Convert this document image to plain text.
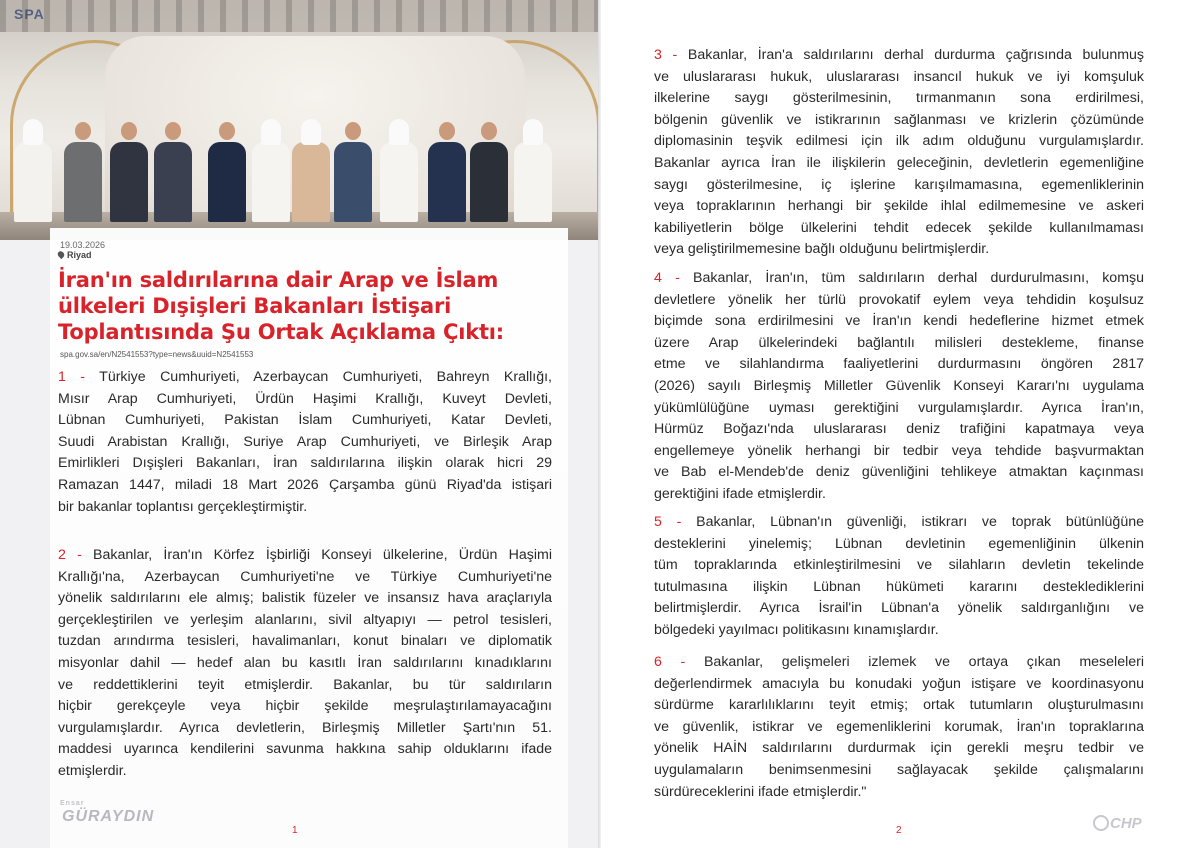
SPA
19.03.2026
Riyad
İran'ın saldırılarına dair Arap ve İslam
ülkeleri Dışişleri Bakanları İstişari
Toplantısında Şu Ortak Açıklama Çıktı:
spa.gov.sa/en/N2541553?type=news&uuid=N2541553
1 - Türkiye Cumhuriyeti, Azerbaycan Cumhuriyeti, Bahreyn Krallığı,
Mısır Arap Cumhuriyeti, Ürdün Haşimi Krallığı, Kuveyt Devleti,
Lübnan Cumhuriyeti, Pakistan İslam Cumhuriyeti, Katar Devleti,
Suudi Arabistan Krallığı, Suriye Arap Cumhuriyeti, ve Birleşik Arap
Emirlikleri Dışişleri Bakanları, İran saldırılarına ilişkin olarak hicri 29
Ramazan 1447, miladi 18 Mart 2026 Çarşamba günü Riyad'da istişari
bir bakanlar toplantısı gerçekleştirmiştir.
2 - Bakanlar, İran'ın Körfez İşbirliği Konseyi ülkelerine, Ürdün Haşimi
Krallığı'na, Azerbaycan Cumhuriyeti'ne ve Türkiye Cumhuriyeti'ne
yönelik saldırılarını ele almış; balistik füzeler ve insansız hava araçlarıyla
gerçekleştirilen ve yerleşim alanlarını, sivil altyapıyı — petrol tesisleri,
tuzdan arındırma tesisleri, havalimanları, konut binaları ve diplomatik
misyonlar dahil — hedef alan bu kasıtlı İran saldırılarını kınadıklarını
ve reddettiklerini teyit etmişlerdir. Bakanlar, bu tür saldırıların
hiçbir gerekçeyle veya hiçbir şekilde meşrulaştırılamayacağını
vurgulamışlardır. Ayrıca devletlerin, Birleşmiş Milletler Şartı'nın 51.
maddesi uyarınca kendilerini savunma hakkına sahip olduklarını ifade
etmişlerdir.
Ensar
GÜRAYDIN
1
3 - Bakanlar, İran'a saldırılarını derhal durdurma çağrısında bulunmuş
ve uluslararası hukuk, uluslararası insancıl hukuk ve iyi komşuluk
ilkelerine saygı gösterilmesinin, tırmanmanın sona erdirilmesi,
bölgenin güvenlik ve istikrarının sağlanması ve krizlerin çözümünde
diplomasinin teşvik edilmesi için ilk adım olduğunu vurgulamışlardır.
Bakanlar ayrıca İran ile ilişkilerin geleceğinin, devletlerin egemenliğine
saygı gösterilmesine, iç işlerine karışılmamasına, egemenliklerinin
veya topraklarının herhangi bir şekilde ihlal edilmemesine ve askeri
kabiliyetlerin bölge ülkelerini tehdit edecek şekilde kullanılmaması
veya geliştirilmemesine bağlı olduğunu belirtmişlerdir.
4 - Bakanlar, İran'ın, tüm saldırıların derhal durdurulmasını, komşu
devletlere yönelik her türlü provokatif eylem veya tehdidin koşulsuz
biçimde sona erdirilmesini ve İran'ın kendi hedeflerine hizmet etmek
üzere Arap ülkelerindeki bağlantılı milisleri destekleme, finanse
etme ve silahlandırma faaliyetlerini durdurmasını öngören 2817
(2026) sayılı Birleşmiş Milletler Güvenlik Konseyi Kararı'nı uygulama
yükümlülüğüne uyması gerektiğini vurgulamışlardır. Ayrıca İran'ın,
Hürmüz Boğazı'nda uluslararası deniz trafiğini kapatmaya veya
engellemeye yönelik herhangi bir tedbir veya tehdide başvurmaktan
ve Bab el-Mendeb'de deniz güvenliğini tehlikeye atmaktan kaçınması
gerektiğini ifade etmişlerdir.
5 - Bakanlar, Lübnan'ın güvenliği, istikrarı ve toprak bütünlüğüne
desteklerini yinelemiş; Lübnan devletinin egemenliğinin ülkenin
tüm topraklarında etkinleştirilmesini ve silahların devletin tekelinde
tutulmasına ilişkin Lübnan hükümeti kararını desteklediklerini
belirtmişlerdir. Ayrıca İsrail'in Lübnan'a yönelik saldırganlığını ve
bölgedeki yayılmacı politikasını kınamışlardır.
6 - Bakanlar, gelişmeleri izlemek ve ortaya çıkan meseleleri
değerlendirmek amacıyla bu konudaki yoğun istişare ve koordinasyonu
sürdürme kararlılıklarını teyit etmiş; ortak tutumların oluşturulmasını
ve güvenlik, istikrar ve egemenliklerini korumak, İran'ın topraklarına
yönelik HAİN saldırılarını durdurmak için gerekli meşru tedbir ve
uygulamaların benimsenmesini sağlayacak şekilde çalışmalarını
sürdüreceklerini ifade etmişlerdir."
2	CHP
